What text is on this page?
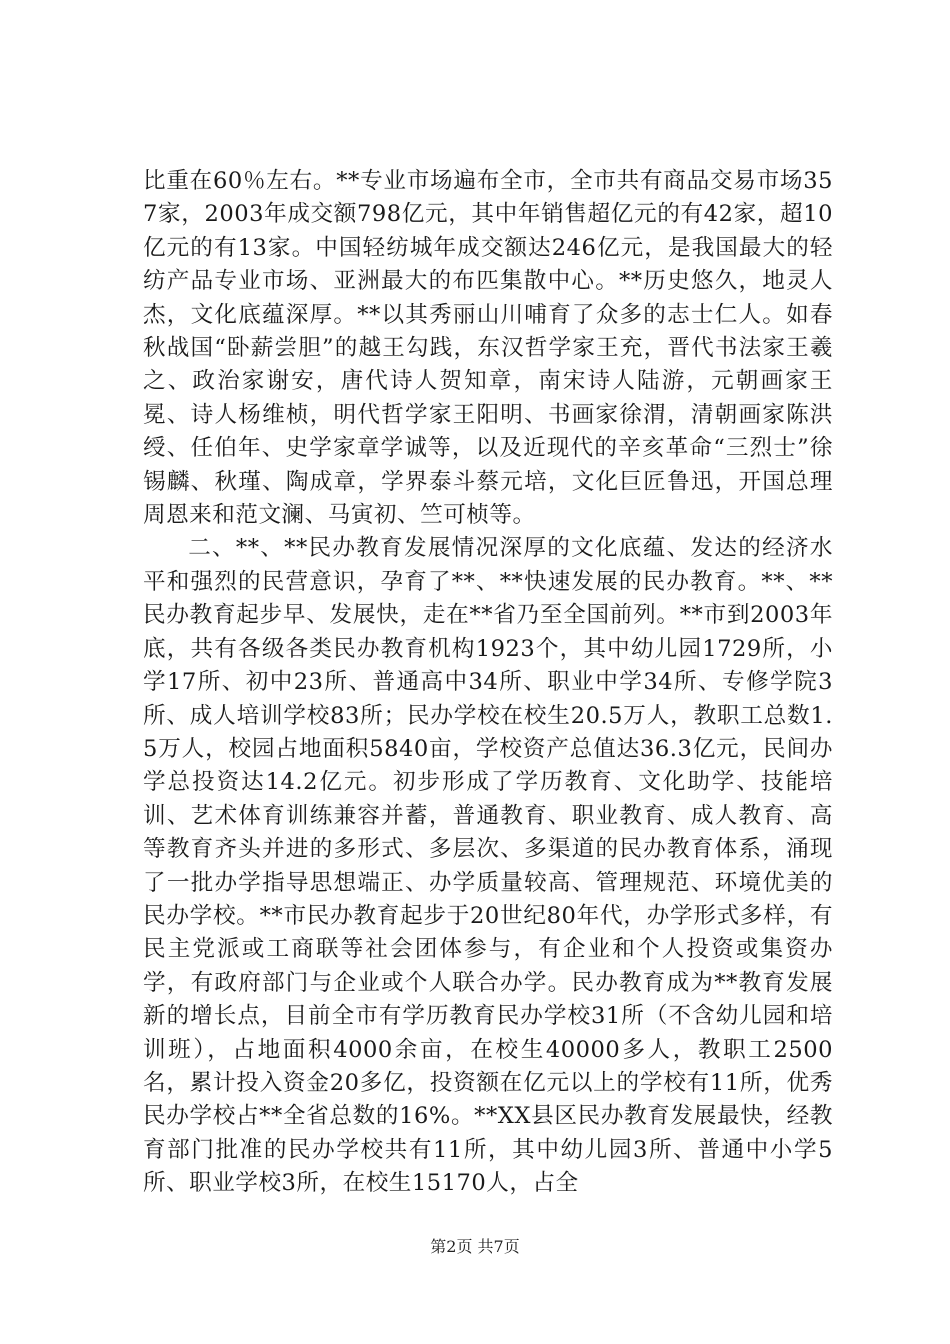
比重在60％左右。**专业市场遍布全市，全市共有商品交易市场357家，2003年成交额798亿元，其中年销售超亿元的有42家，超10亿元的有13家。中国轻纺城年成交额达246亿元，是我国最大的轻纺产品专业市场、亚洲最大的布匹集散中心。**历史悠久，地灵人杰，文化底蕴深厚。**以其秀丽山川哺育了众多的志士仁人。如春秋战国“卧薪尝胆”的越王勾践，东汉哲学家王充，晋代书法家王羲之、政治家谢安，唐代诗人贺知章，南宋诗人陆游，元朝画家王冕、诗人杨维桢，明代哲学家王阳明、书画家徐渭，清朝画家陈洪绶、任伯年、史学家章学诚等，以及近现代的辛亥革命“三烈士”徐锡麟、秋瑾、陶成章，学界泰斗蔡元培，文化巨匠鲁迅，开国总理周恩来和范文澜、马寅初、竺可桢等。

二、**、**民办教育发展情况深厚的文化底蕴、发达的经济水平和强烈的民营意识，孕育了**、**快速发展的民办教育。**、**民办教育起步早、发展快，走在**省乃至全国前列。**市到2003年底，共有各级各类民办教育机构1923个，其中幼儿园1729所，小学17所、初中23所、普通高中34所、职业中学34所、专修学院3所、成人培训学校83所；民办学校在校生20.5万人，教职工总数1.5万人，校园占地面积5840亩，学校资产总值达36.3亿元，民间办学总投资达14.2亿元。初步形成了学历教育、文化助学、技能培训、艺术体育训练兼容并蓄，普通教育、职业教育、成人教育、高等教育齐头并进的多形式、多层次、多渠道的民办教育体系，涌现了一批办学指导思想端正、办学质量较高、管理规范、环境优美的民办学校。**市民办教育起步于20世纪80年代，办学形式多样，有民主党派或工商联等社会团体参与，有企业和个人投资或集资办学，有政府部门与企业或个人联合办学。民办教育成为**教育发展新的增长点，目前全市有学历教育民办学校31所（不含幼儿园和培训班），占地面积4000余亩，在校生40000多人，教职工2500名，累计投入资金20多亿，投资额在亿元以上的学校有11所，优秀民办学校占**全省总数的16%。**XX县区民办教育发展最快，经教育部门批准的民办学校共有11所，其中幼儿园3所、普通中小学5所、职业学校3所，在校生15170人，占全

第2页 共7页
